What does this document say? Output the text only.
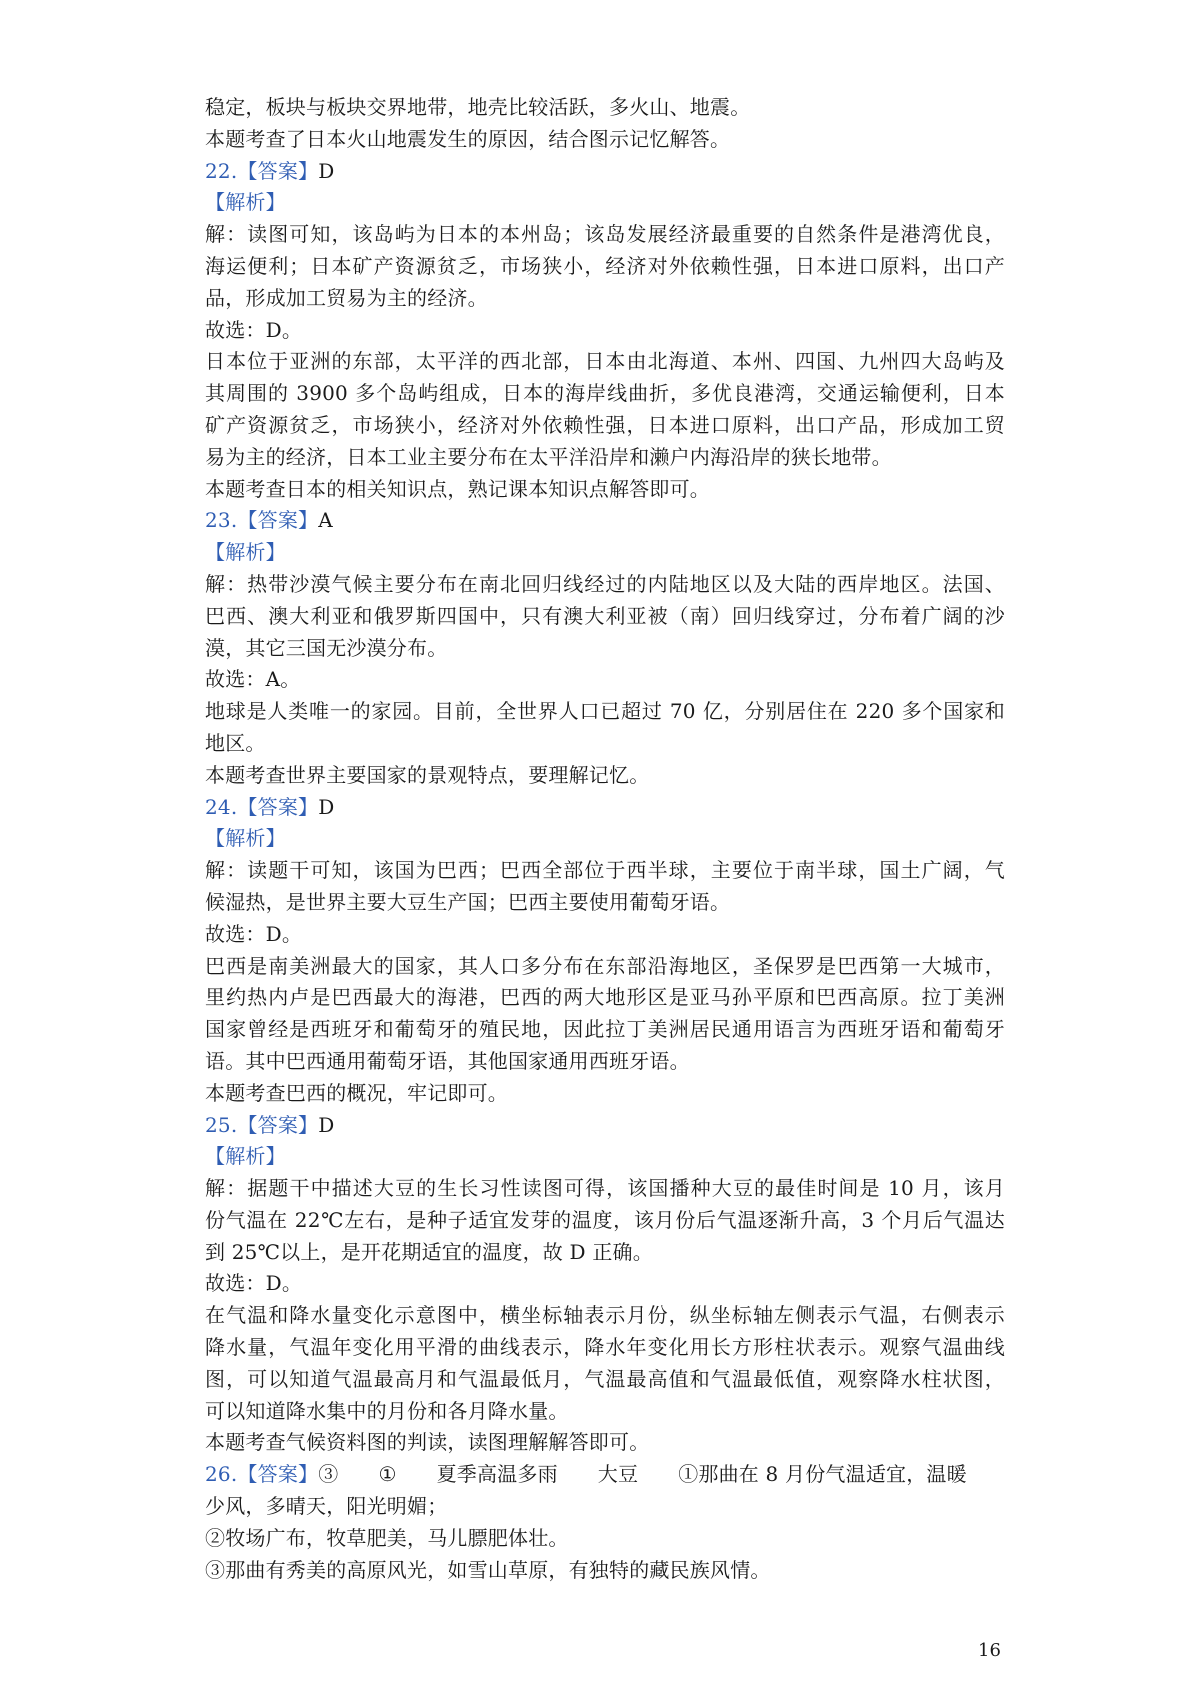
稳定，板块与板块交界地带，地壳比较活跃，多火山、地震。
本题考查了日本火山地震发生的原因，结合图示记忆解答。
22.【答案】D
【解析】
解：读图可知，该岛屿为日本的本州岛；该岛发展经济最重要的自然条件是港湾优良，
海运便利；日本矿产资源贫乏，市场狭小，经济对外依赖性强，日本进口原料，出口产
品，形成加工贸易为主的经济。
故选：D。
日本位于亚洲的东部，太平洋的西北部，日本由北海道、本州、四国、九州四大岛屿及
其周围的 3900 多个岛屿组成，日本的海岸线曲折，多优良港湾，交通运输便利，日本
矿产资源贫乏，市场狭小，经济对外依赖性强，日本进口原料，出口产品，形成加工贸
易为主的经济，日本工业主要分布在太平洋沿岸和濑户内海沿岸的狭长地带。
本题考查日本的相关知识点，熟记课本知识点解答即可。
23.【答案】A
【解析】
解：热带沙漠气候主要分布在南北回归线经过的内陆地区以及大陆的西岸地区。法国、
巴西、澳大利亚和俄罗斯四国中，只有澳大利亚被（南）回归线穿过，分布着广阔的沙
漠，其它三国无沙漠分布。
故选：A。
地球是人类唯一的家园。目前，全世界人口已超过 70 亿，分别居住在 220 多个国家和
地区。
本题考查世界主要国家的景观特点，要理解记忆。
24.【答案】D
【解析】
解：读题干可知，该国为巴西；巴西全部位于西半球，主要位于南半球，国土广阔，气
候湿热，是世界主要大豆生产国；巴西主要使用葡萄牙语。
故选：D。
巴西是南美洲最大的国家，其人口多分布在东部沿海地区，圣保罗是巴西第一大城市，
里约热内卢是巴西最大的海港，巴西的两大地形区是亚马孙平原和巴西高原。拉丁美洲
国家曾经是西班牙和葡萄牙的殖民地，因此拉丁美洲居民通用语言为西班牙语和葡萄牙
语。其中巴西通用葡萄牙语，其他国家通用西班牙语。
本题考查巴西的概况，牢记即可。
25.【答案】D
【解析】
解：据题干中描述大豆的生长习性读图可得，该国播种大豆的最佳时间是 10 月，该月
份气温在 22℃左右，是种子适宜发芽的温度，该月份后气温逐渐升高，3 个月后气温达
到 25℃以上，是开花期适宜的温度，故 D 正确。
故选：D。
在气温和降水量变化示意图中，横坐标轴表示月份，纵坐标轴左侧表示气温，右侧表示
降水量，气温年变化用平滑的曲线表示，降水年变化用长方形柱状表示。观察气温曲线
图，可以知道气温最高月和气温最低月，气温最高值和气温最低值，观察降水柱状图，
可以知道降水集中的月份和各月降水量。
本题考查气候资料图的判读，读图理解解答即可。
26.【答案】③ ① 夏季高温多雨 大豆 ①那曲在 8 月份气温适宜，温暖
少风，多晴天，阳光明媚；
②牧场广布，牧草肥美，马儿膘肥体壮。
③那曲有秀美的高原风光，如雪山草原，有独特的藏民族风情。
16
